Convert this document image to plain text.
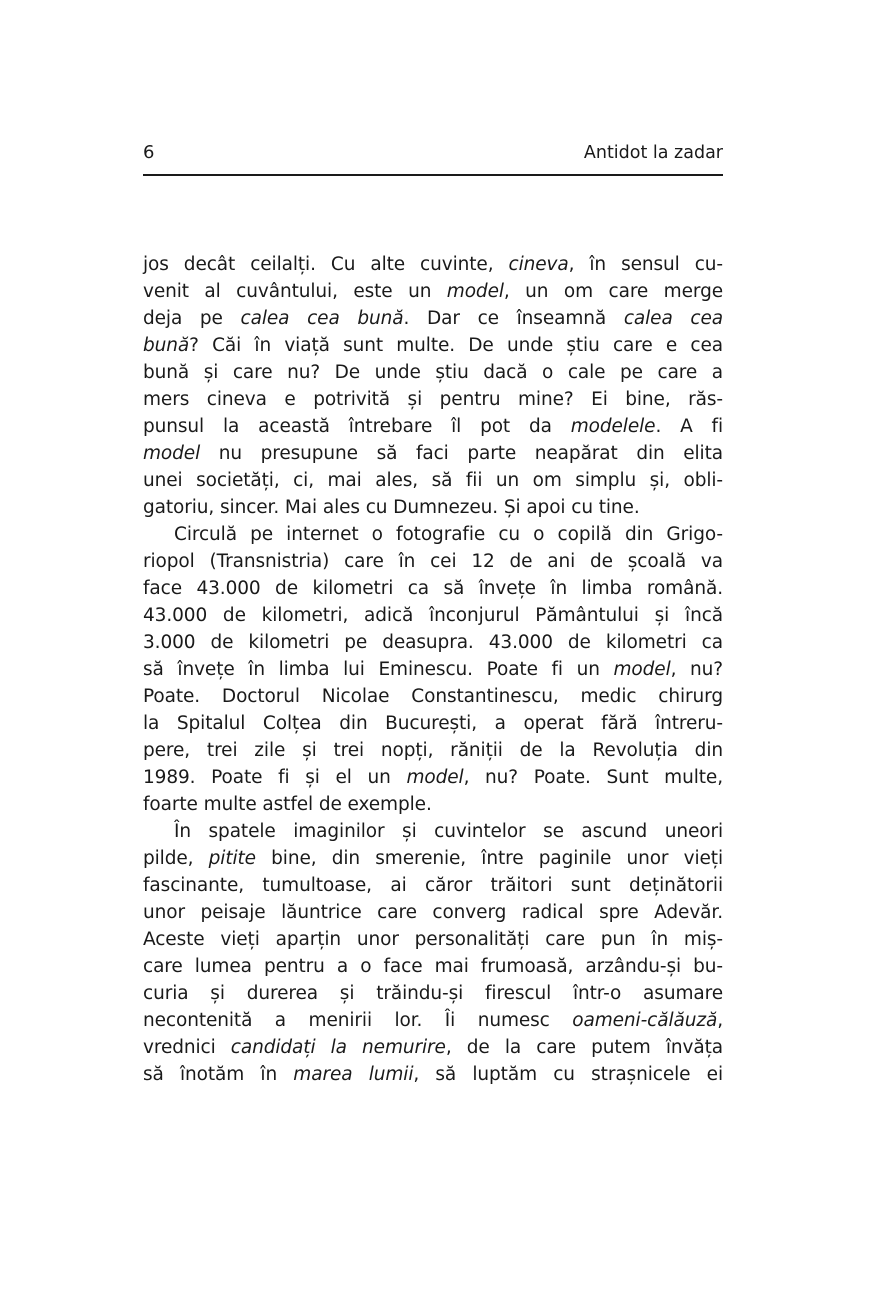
6	Antidot la zadar
jos decât ceilalți. Cu alte cuvinte, cineva, în sensul cu-
venit al cuvântului, este un model, un om care merge
deja pe calea cea bună. Dar ce înseamnă calea cea
bună? Căi în viață sunt multe. De unde știu care e cea
bună și care nu? De unde știu dacă o cale pe care a
mers cineva e potrivită și pentru mine? Ei bine, răs-
punsul la această întrebare îl pot da modelele. A fi
model nu presupune să faci parte neapărat din elita
unei societăți, ci, mai ales, să fii un om simplu și, obli-
gatoriu, sincer. Mai ales cu Dumnezeu. Și apoi cu tine.
Circulă pe internet o fotografie cu o copilă din Grigo-
riopol (Transnistria) care în cei 12 de ani de școală va
face 43.000 de kilometri ca să învețe în limba română.
43.000 de kilometri, adică înconjurul Pământului și încă
3.000 de kilometri pe deasupra. 43.000 de kilometri ca
să învețe în limba lui Eminescu. Poate fi un model, nu?
Poate. Doctorul Nicolae Constantinescu, medic chirurg
la Spitalul Colțea din București, a operat fără întreru-
pere, trei zile și trei nopți, răniții de la Revoluția din
1989. Poate fi și el un model, nu? Poate. Sunt multe,
foarte multe astfel de exemple.
În spatele imaginilor și cuvintelor se ascund uneori
pilde, pitite bine, din smerenie, între paginile unor vieți
fascinante, tumultoase, ai căror trăitori sunt deținătorii
unor peisaje lăuntrice care converg radical spre Adevăr.
Aceste vieți aparțin unor personalități care pun în miș-
care lumea pentru a o face mai frumoasă, arzându-și bu-
curia și durerea și trăindu-și firescul într-o asumare
necontenită a menirii lor. Îi numesc oameni-călăuză,
vrednici candidați la nemurire, de la care putem învăța
să înotăm în marea lumii, să luptăm cu strașnicele ei
